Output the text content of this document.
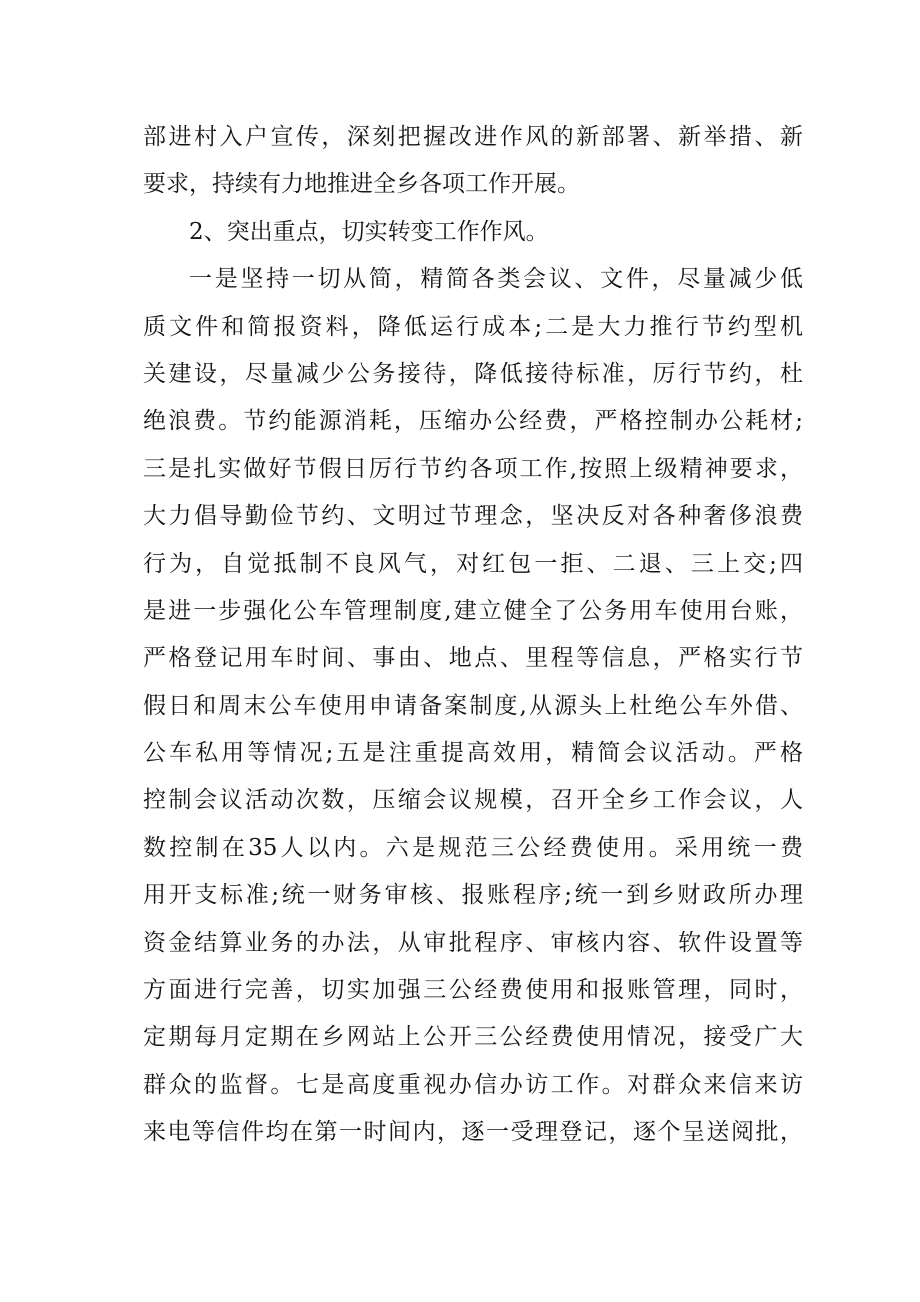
部进村入户宣传，深刻把握改进作风的新部署、新举措、新
要求，持续有力地推进全乡各项工作开展。
2、突出重点，切实转变工作作风。
一是坚持一切从简，精简各类会议、文件，尽量减少低
质文件和简报资料，降低运行成本;二是大力推行节约型机
关建设，尽量减少公务接待，降低接待标准，厉行节约，杜
绝浪费。节约能源消耗，压缩办公经费，严格控制办公耗材;
三是扎实做好节假日厉行节约各项工作,按照上级精神要求，
大力倡导勤俭节约、文明过节理念，坚决反对各种奢侈浪费
行为，自觉抵制不良风气，对红包一拒、二退、三上交;四
是进一步强化公车管理制度,建立健全了公务用车使用台账，
严格登记用车时间、事由、地点、里程等信息，严格实行节
假日和周末公车使用申请备案制度,从源头上杜绝公车外借、
公车私用等情况;五是注重提高效用，精简会议活动。严格
控制会议活动次数，压缩会议规模，召开全乡工作会议，人
数控制在35人以内。六是规范三公经费使用。采用统一费
用开支标准;统一财务审核、报账程序;统一到乡财政所办理
资金结算业务的办法，从审批程序、审核内容、软件设置等
方面进行完善，切实加强三公经费使用和报账管理，同时，
定期每月定期在乡网站上公开三公经费使用情况，接受广大
群众的监督。七是高度重视办信办访工作。对群众来信来访
来电等信件均在第一时间内，逐一受理登记，逐个呈送阅批，
